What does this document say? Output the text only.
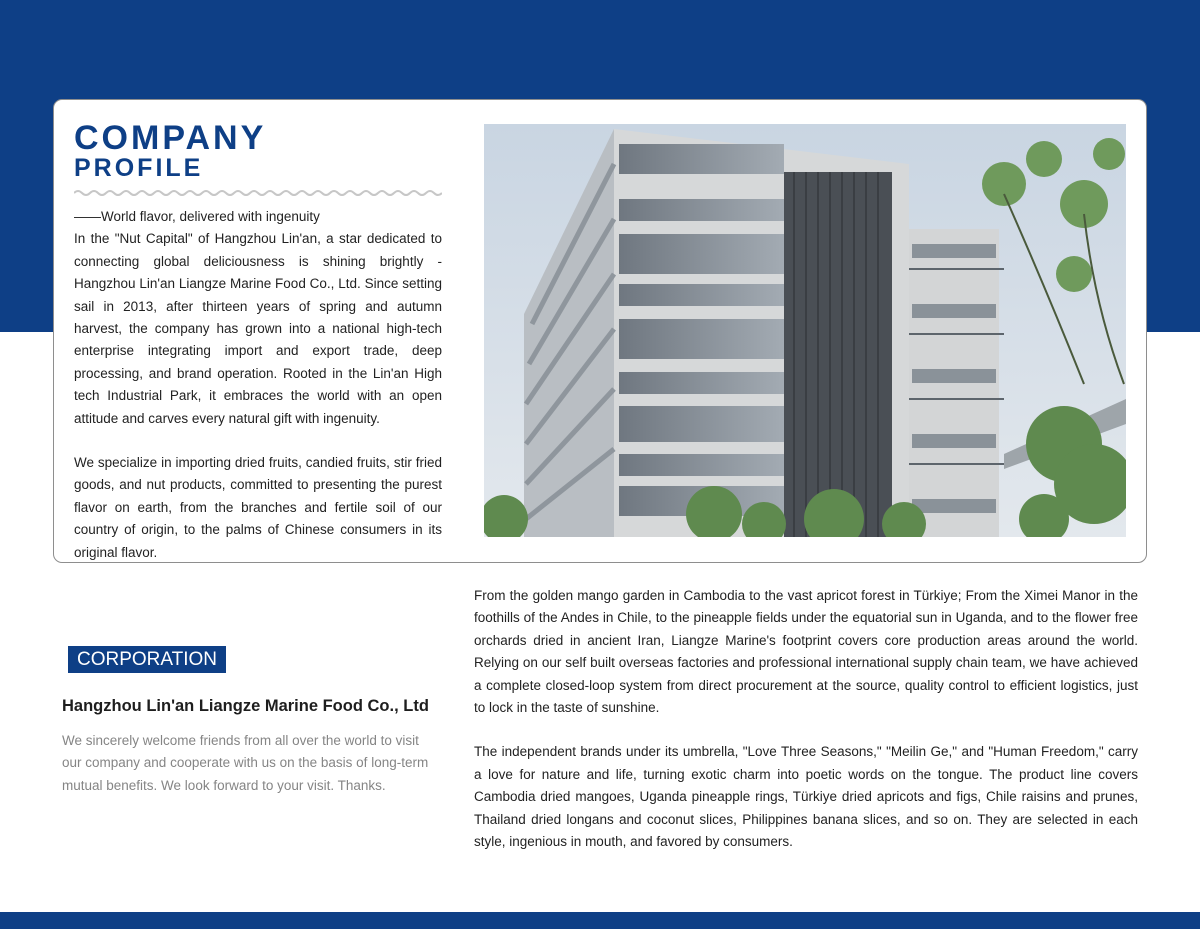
COMPANY
PROFILE

——World flavor, delivered with ingenuity

In the "Nut Capital" of Hangzhou Lin'an, a star dedicated to connecting global deliciousness is shining brightly - Hangzhou Lin'an Liangze Marine Food Co., Ltd. Since setting sail in 2013, after thirteen years of spring and autumn harvest, the company has grown into a national high-tech enterprise integrating import and export trade, deep processing, and brand operation. Rooted in the Lin'an High tech Industrial Park, it embraces the world with an open attitude and carves every natural gift with ingenuity.

We specialize in importing dried fruits, candied fruits, stir fried goods, and nut products, committed to presenting the purest flavor on earth, from the branches and fertile soil of our country of origin, to the palms of Chinese consumers in its original flavor.

CORPORATION
Hangzhou Lin'an Liangze Marine Food Co., Ltd
We sincerely welcome friends from all over the world to visit our company and cooperate with us on the basis of long-term mutual benefits. We look forward to your visit. Thanks.

From the golden mango garden in Cambodia to the vast apricot forest in Türkiye; From the Ximei Manor in the foothills of the Andes in Chile, to the pineapple fields under the equatorial sun in Uganda, and to the flower free orchards dried in ancient Iran, Liangze Marine's footprint covers core production areas around the world. Relying on our self built overseas factories and professional international supply chain team, we have achieved a complete closed-loop system from direct procurement at the source, quality control to efficient logistics, just to lock in the taste of sunshine.

The independent brands under its umbrella, "Love Three Seasons," "Meilin Ge," and "Human Freedom," carry a love for nature and life, turning exotic charm into poetic words on the tongue. The product line covers Cambodia dried mangoes, Uganda pineapple rings, Türkiye dried apricots and figs, Chile raisins and prunes, Thailand dried longans and coconut slices, Philippines banana slices, and so on. They are selected in each style, ingenious in mouth, and favored by consumers.
